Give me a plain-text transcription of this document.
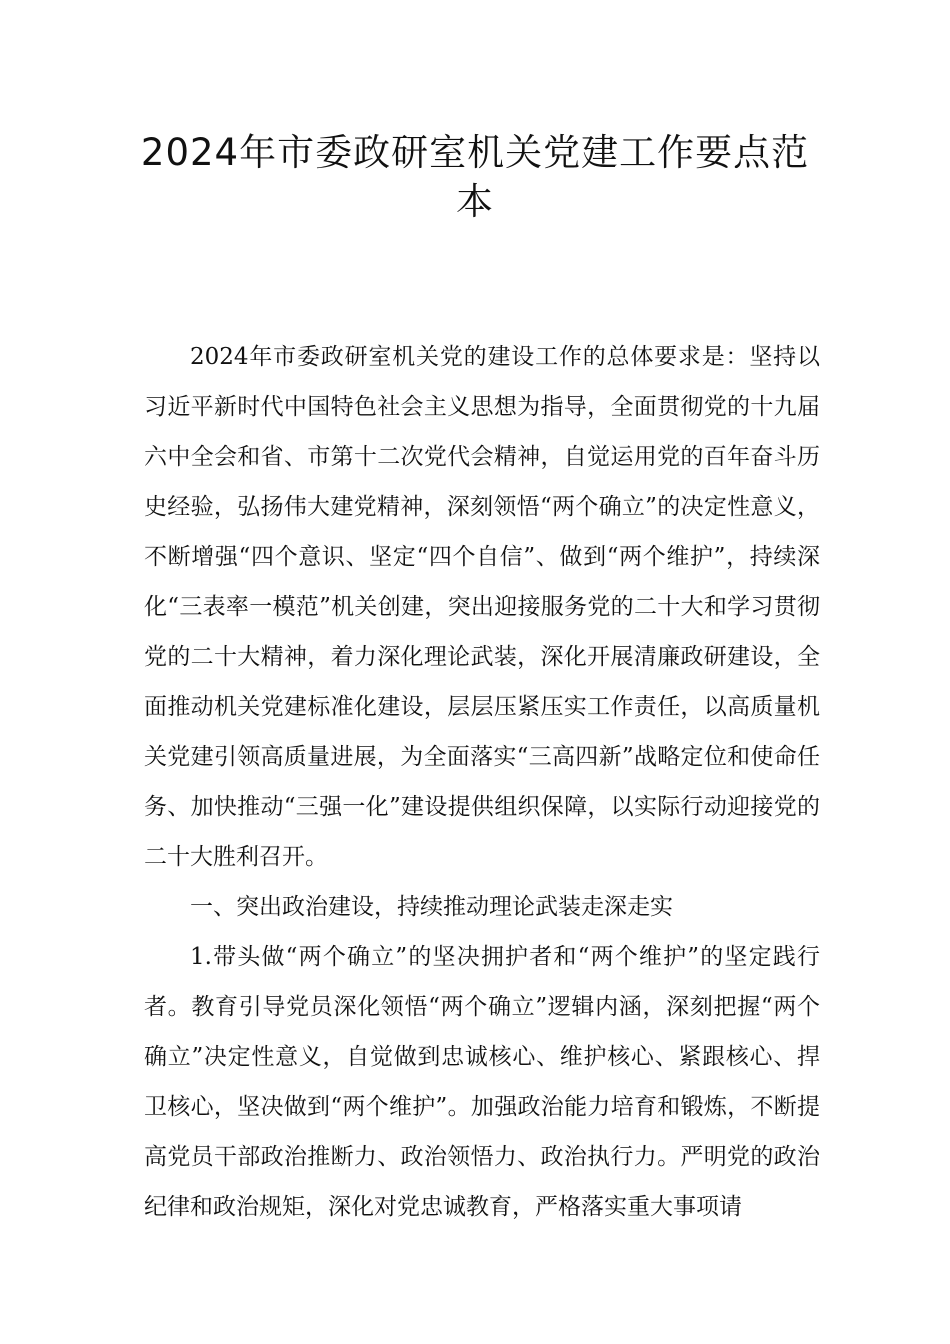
2024年市委政研室机关党建工作要点范本

2024年市委政研室机关党的建设工作的总体要求是：坚持以习近平新时代中国特色社会主义思想为指导，全面贯彻党的十九届六中全会和省、市第十二次党代会精神，自觉运用党的百年奋斗历史经验，弘扬伟大建党精神，深刻领悟“两个确立”的决定性意义，不断增强“四个意识、坚定“四个自信”、做到“两个维护”，持续深化“三表率一模范”机关创建，突出迎接服务党的二十大和学习贯彻党的二十大精神，着力深化理论武装，深化开展清廉政研建设，全面推动机关党建标准化建设，层层压紧压实工作责任，以高质量机关党建引领高质量进展，为全面落实“三高四新”战略定位和使命任务、加快推动“三强一化”建设提供组织保障，以实际行动迎接党的二十大胜利召开。

一、突出政治建设，持续推动理论武装走深走实

1.带头做“两个确立”的坚决拥护者和“两个维护”的坚定践行者。教育引导党员深化领悟“两个确立”逻辑内涵，深刻把握“两个确立”决定性意义，自觉做到忠诚核心、维护核心、紧跟核心、捍卫核心，坚决做到“两个维护”。加强政治能力培育和锻炼，不断提高党员干部政治推断力、政治领悟力、政治执行力。严明党的政治纪律和政治规矩，深化对党忠诚教育，严格落实重大事项请
